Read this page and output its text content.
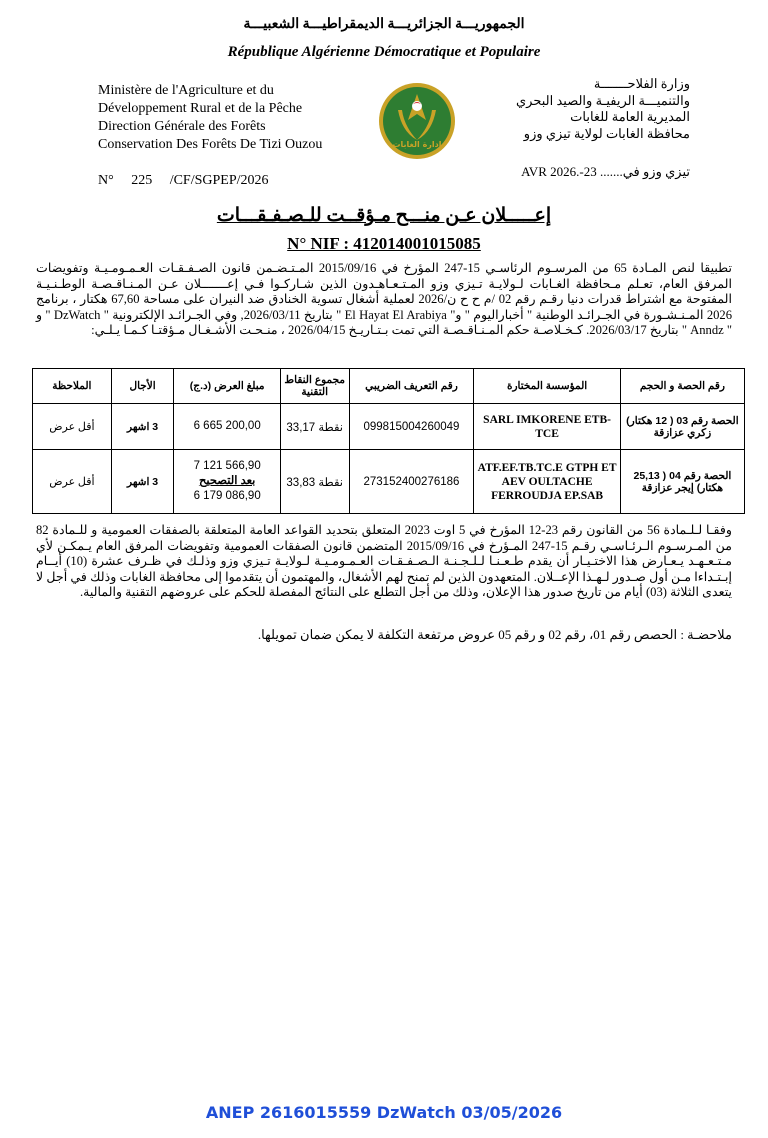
الجمهوريـــة الجزائريـــة الديمقراطيـــة الشعبيـــة
République Algérienne Démocratique et Populaire
Ministère de l'Agriculture et du
Développement Rural et de la Pêche
Direction Générale des Forêts
Conservation Des Forêts De Tizi Ouzou	إدارة الغابات
وزارة الفلاحـــــــة
والتنميـــة الريفيـة والصيد البحري
المديرية العامة للغابات
محافظة الغابات لولاية تيزي وزو
N°     225     /CF/SGPEP/2026
تيزي وزو في....... 23-.AVR 2026
إعـــــلان عـن منـــح مـؤقــت للـصـفـقـــات
N° NIF : 412014001015085
تطبيقا لنص المـادة 65 من المرسـوم الرئاسـي 15-247 المؤرخ في 2015/09/16 المـتـضـمن قانون الصـفـقـات العـمـومـيـة وتفويضات المرفق العام، تعـلم مـحافظة الغـابات لـولايـة تـيزي وزو المـتـعـاهـدون الذين شـاركـوا فـي إعـــــــلان عـن المـنـاقـصـة الوطـنـيـة المفتوحة مع اشتراط قدرات دنيا رقـم رقم 02 /م ح ح ن/2026 لعملية أشغال تسوية الخنادق ضد النيران على مساحة 67,60 هكتار ، برنامج 2026 المـنـشـورة في الجـرائـد الوطنية " أخباراليوم " و" El Hayat El Arabiya " بتاريخ 2026/03/11, وفي الجـرائـد الإلكترونية " DzWatch " و " Anndz " بتاريخ 2026/03/17. كـخـلاصـة حكم المـنـاقـصـة التي تمت بـتـاريـخ 2026/04/15 ، منـحـت الأشـغـال مـؤقتـا كـمـا يـلـي:
رقم الحصة و الحجم	المؤسسة المختارة	رقم التعريف الضريبي	مجموع النقاط التقنية	مبلغ العرض (د.ج)	الأجال	الملاحظة
الحصة رقم 03 ( 12 هكتار) زكري عزازقة	SARL IMKORENE ETB-TCE	099815004260049	33,17 نقطة	6 665 200,00	3 اشهر	أقل عرض
الحصة رقم 04 ( 25,13 هكتار) إيجر عزازقة	ATF.EF.TB.TC.E GTPH ET AEV OULTACHE FERROUDJA EP.SAB	273152400276186	33,83 نقطة	7 121 566,90
بعد التصحيح
6 179 086,90	3 اشهر	أقل عرض
وفقـا لـلـمادة 56 من القانون رقم 23-12 المؤرخ في 5 اوت 2023 المتعلق بتحديد القواعد العامة المتعلقة بالصفقات العمومية و للـمادة 82 من المـرسـوم الـرئـاسـي رقـم 15-247 المـؤرخ في 2015/09/16 المتضمن قانون الصفقات العمومية وتفويضات المرفق العام يـمكـن لأي مـتـعـهـد يـعـارض هذا الاختـيـار أن يقدم طـعـنـا لـلـجـنـة الـصـفـقـات العـمـومـيـة لـولايـة تـيزي وزو وذلـك في ظـرف عشرة (10) أيــام إبـتـداءا مـن أول صـدور لـهـذا الإعــلان. المتعهدون الذين لم تمنح لهم الأشغال، والمهتمون أن يتقدموا إلى محافظة الغابات وذلك في أجل لا يتعدى الثلاثة (03) أيام من تاريخ صدور هذا الإعلان، وذلك من أجل التطلع على النتائج المفصلة للحكم على عروضهم التقنية والمالية.
ملاحضـة : الحصص رقم 01، رقم 02 و رقم 05 عروض مرتفعة التكلفة لا يمكن ضمان تمويلها.
ANEP 2616015559 DzWatch 03/05/2026
